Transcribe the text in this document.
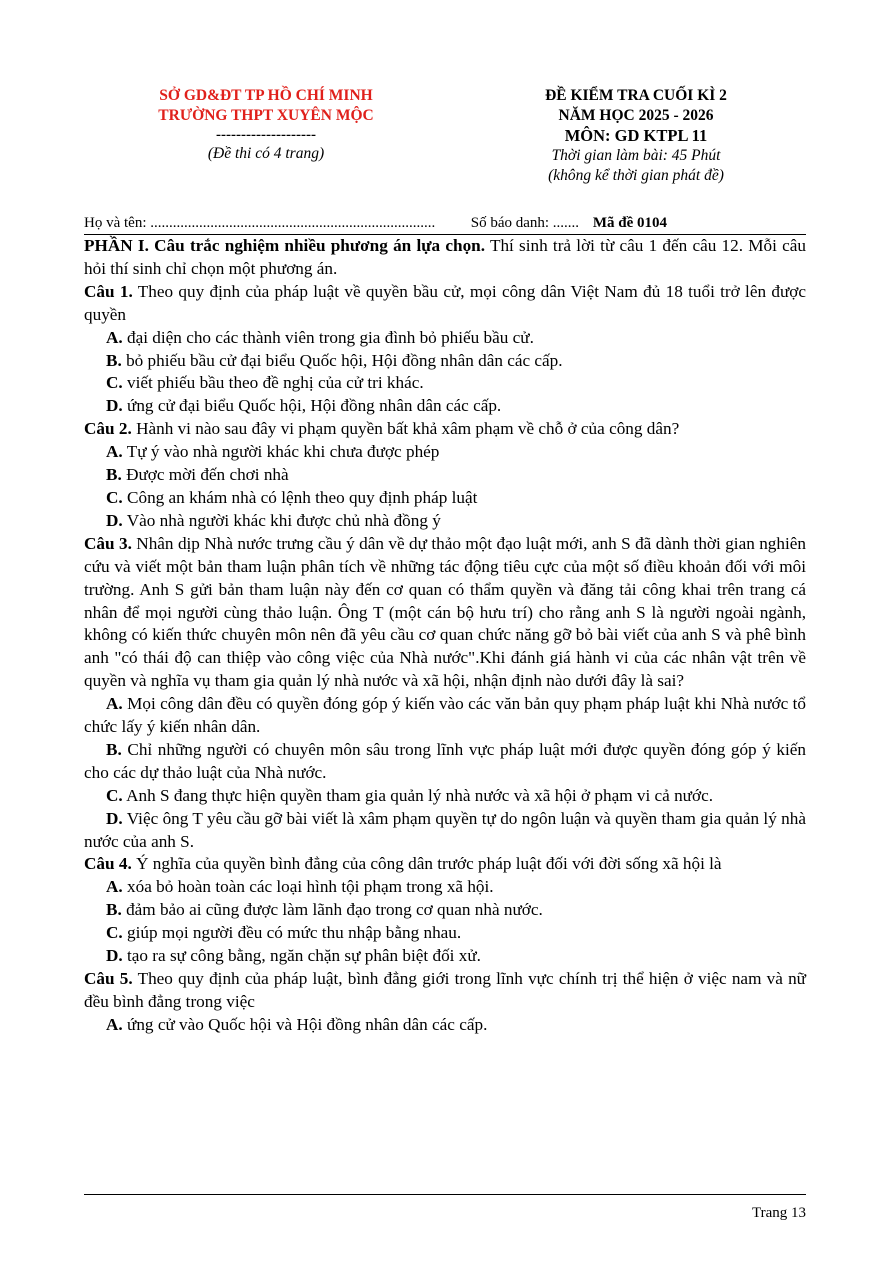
SỞ GD&ĐT TP HỒ CHÍ MINH
TRƯỜNG THPT XUYÊN MỘC
--------------------
(Đề thi có 4 trang)
ĐỀ KIỂM TRA CUỐI KÌ 2
NĂM HỌC 2025 - 2026
MÔN: GD KTPL 11
Thời gian làm bài: 45 Phút
(không kể thời gian phát đề)
Họ và tên: ............................................................................ Số báo danh: ....... Mã đề 0104

PHẦN I. Câu trắc nghiệm nhiều phương án lựa chọn. Thí sinh trả lời từ câu 1 đến câu 12. Mỗi câu hỏi thí sinh chỉ chọn một phương án.

Câu 1. Theo quy định của pháp luật về quyền bầu cử, mọi công dân Việt Nam đủ 18 tuổi trở lên được quyền

A. đại diện cho các thành viên trong gia đình bỏ phiếu bầu cử.

B. bỏ phiếu bầu cử đại biểu Quốc hội, Hội đồng nhân dân các cấp.

C. viết phiếu bầu theo đề nghị của cử tri khác.

D. ứng cử đại biểu Quốc hội, Hội đồng nhân dân các cấp.

Câu 2. Hành vi nào sau đây vi phạm quyền bất khả xâm phạm về chỗ ở của công dân?

A. Tự ý vào nhà người khác khi chưa được phép

B. Được mời đến chơi nhà

C. Công an khám nhà có lệnh theo quy định pháp luật

D. Vào nhà người khác khi được chủ nhà đồng ý

Câu 3. Nhân dịp Nhà nước trưng cầu ý dân về dự thảo một đạo luật mới, anh S đã dành thời gian nghiên cứu và viết một bản tham luận phân tích về những tác động tiêu cực của một số điều khoản đối với môi trường. Anh S gửi bản tham luận này đến cơ quan có thẩm quyền và đăng tải công khai trên trang cá nhân để mọi người cùng thảo luận. Ông T (một cán bộ hưu trí) cho rằng anh S là người ngoài ngành, không có kiến thức chuyên môn nên đã yêu cầu cơ quan chức năng gỡ bỏ bài viết của anh S và phê bình anh "có thái độ can thiệp vào công việc của Nhà nước".Khi đánh giá hành vi của các nhân vật trên về quyền và nghĩa vụ tham gia quản lý nhà nước và xã hội, nhận định nào dưới đây là sai?

A. Mọi công dân đều có quyền đóng góp ý kiến vào các văn bản quy phạm pháp luật khi Nhà nước tổ chức lấy ý kiến nhân dân.

B. Chỉ những người có chuyên môn sâu trong lĩnh vực pháp luật mới được quyền đóng góp ý kiến cho các dự thảo luật của Nhà nước.

C. Anh S đang thực hiện quyền tham gia quản lý nhà nước và xã hội ở phạm vi cả nước.

D. Việc ông T yêu cầu gỡ bài viết là xâm phạm quyền tự do ngôn luận và quyền tham gia quản lý nhà nước của anh S.

Câu 4. Ý nghĩa của quyền bình đẳng của công dân trước pháp luật đối với đời sống xã hội là

A. xóa bỏ hoàn toàn các loại hình tội phạm trong xã hội.

B. đảm bảo ai cũng được làm lãnh đạo trong cơ quan nhà nước.

C. giúp mọi người đều có mức thu nhập bằng nhau.

D. tạo ra sự công bằng, ngăn chặn sự phân biệt đối xử.

Câu 5. Theo quy định của pháp luật, bình đẳng giới trong lĩnh vực chính trị thể hiện ở việc nam và nữ đều bình đẳng trong việc

A. ứng cử vào Quốc hội và Hội đồng nhân dân các cấp.

Trang 13
